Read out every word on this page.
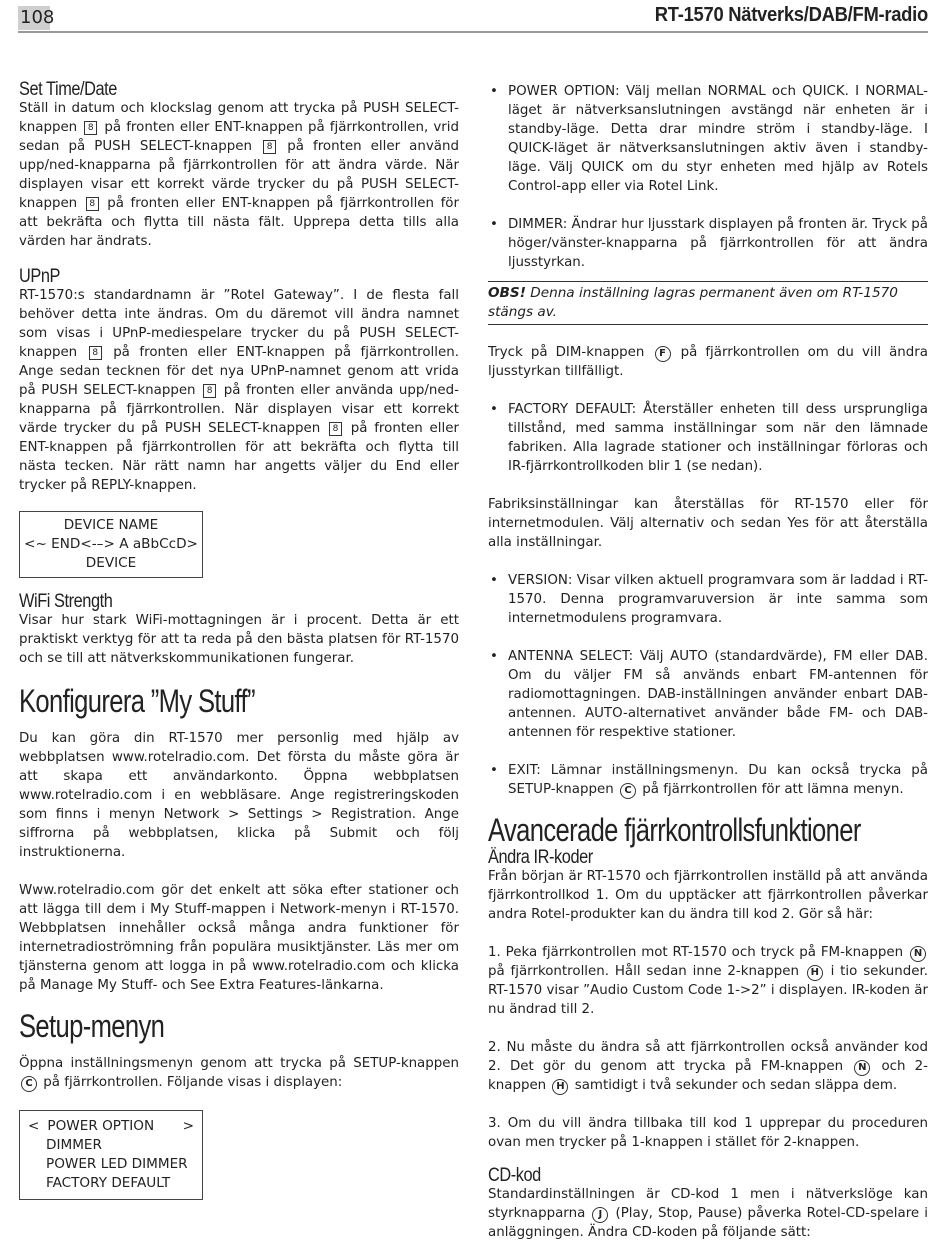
108	RT-1570 Nätverks/DAB/FM-radio
Set Time/Date

Ställ in datum och klockslag genom att trycka på PUSH SELECT-knappen 8 på fronten eller ENT-knappen på fjärrkontrollen, vrid sedan på PUSH SELECT-knappen 8 på fronten eller använd upp/ned-knapparna på fjärrkontrollen för att ändra värde. När displayen visar ett korrekt värde trycker du på PUSH SELECT-knappen 8 på fronten eller ENT-knappen på fjärrkontrollen för att bekräfta och flytta till nästa fält. Upprepa detta tills alla värden har ändrats.

UPnP

RT-1570:s standardnamn är ”Rotel Gateway”. I de flesta fall behöver detta inte ändras. Om du däremot vill ändra namnet som visas i UPnP-mediespelare trycker du på PUSH SELECT-knappen 8 på fronten eller ENT-knappen på fjärrkontrollen. Ange sedan tecknen för det nya UPnP-namnet genom att vrida på PUSH SELECT-knappen 8 på fronten eller använda upp/ned-knapparna på fjärrkontrollen. När displayen visar ett korrekt värde trycker du på PUSH SELECT-knappen 8 på fronten eller ENT-knappen på fjärrkontrollen för att bekräfta och flytta till nästa tecken. När rätt namn har angetts väljer du End eller trycker på REPLY-knappen.

DEVICE NAME
<~ END<-–> A aBbCcD>
DEVICE
WiFi Strength

Visar hur stark WiFi-mottagningen är i procent. Detta är ett praktiskt verktyg för att ta reda på den bästa platsen för RT-1570 och se till att nätverkskommunikationen fungerar.

Konfigurera ”My Stuff”

Du kan göra din RT-1570 mer personlig med hjälp av webbplatsen www.rotelradio.com. Det första du måste göra är att skapa ett användarkonto. Öppna webbplatsen www.rotelradio.com i en webbläsare. Ange registreringskoden som finns i menyn Network > Settings > Registration. Ange siffrorna på webbplatsen, klicka på Submit och följ instruktionerna.

Www.rotelradio.com gör det enkelt att söka efter stationer och att lägga till dem i My Stuff-mappen i Network-menyn i RT-1570. Webbplatsen innehåller också många andra funktioner för internetradioströmning från populära musiktjänster. Läs mer om tjänsterna genom att logga in på www.rotelradio.com och klicka på Manage My Stuff- och See Extra Features-länkarna.

Setup-menyn

Öppna inställningsmenyn genom att trycka på SETUP-knappen C på fjärrkontrollen. Följande visas i displayen:

< POWER OPTION	>
DIMMER
POWER LED DIMMER
FACTORY DEFAULT

• POWER OPTION: Välj mellan NORMAL och QUICK. I NORMAL-läget är nätverksanslutningen avstängd när enheten är i standby-läge. Detta drar mindre ström i standby-läge. I QUICK-läget är nätverksanslutningen aktiv även i standby-läge. Välj QUICK om du styr enheten med hjälp av Rotels Control-app eller via Rotel Link.

• DIMMER: Ändrar hur ljusstark displayen på fronten är. Tryck på höger/vänster-knapparna på fjärrkontrollen för att ändra ljusstyrkan.

OBS! Denna inställning lagras permanent även om RT-1570 stängs av.

Tryck på DIM-knappen F på fjärrkontrollen om du vill ändra ljusstyrkan tillfälligt.

• FACTORY DEFAULT: Återställer enheten till dess ursprungliga tillstånd, med samma inställningar som när den lämnade fabriken. Alla lagrade stationer och inställningar förloras och IR-fjärrkontrollkoden blir 1 (se nedan).

Fabriksinställningar kan återställas för RT-1570 eller för internetmodulen. Välj alternativ och sedan Yes för att återställa alla inställningar.

• VERSION: Visar vilken aktuell programvara som är laddad i RT-1570. Denna programvaruversion är inte samma som internetmodulens programvara.

• ANTENNA SELECT: Välj AUTO (standardvärde), FM eller DAB. Om du väljer FM så används enbart FM-antennen för radiomottagningen. DAB-inställningen använder enbart DAB-antennen. AUTO-alternativet använder både FM- och DAB-antennen för respektive stationer.

• EXIT: Lämnar inställningsmenyn. Du kan också trycka på SETUP-knappen C på fjärrkontrollen för att lämna menyn.

Avancerade fjärrkontrollsfunktioner
Ändra IR-koder

Från början är RT-1570 och fjärrkontrollen inställd på att använda fjärrkontrollkod 1. Om du upptäcker att fjärrkontrollen påverkar andra Rotel-produkter kan du ändra till kod 2. Gör så här:

1. Peka fjärrkontrollen mot RT-1570 och tryck på FM-knappen N på fjärrkontrollen. Håll sedan inne 2-knappen H i tio sekunder. RT-1570 visar ”Audio Custom Code 1->2” i displayen. IR-koden är nu ändrad till 2.

2. Nu måste du ändra så att fjärrkontrollen också använder kod 2. Det gör du genom att trycka på FM-knappen N och 2-knappen H samtidigt i två sekunder och sedan släppa dem.

3. Om du vill ändra tillbaka till kod 1 upprepar du proceduren ovan men trycker på 1-knappen i stället för 2-knappen.

CD-kod

Standardinställningen är CD-kod 1 men i nätverkslöge kan styrknapparna J (Play, Stop, Pause) påverka Rotel-CD-spelare i anläggningen. Ändra CD-koden på följande sätt:
